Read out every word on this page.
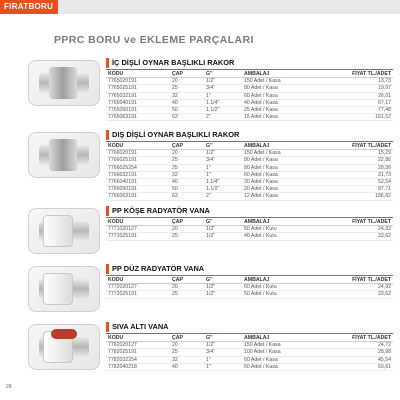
FIRATBORU
PPRC BORU ve EKLEME PARÇALARI
İÇ DİŞLİ OYNAR BAŞLIKLI RAKOR
KODU	ÇAP	G''	AMBALAJ	FİYAT TL./ADET
7765020191	20	1/2''	150 Adet / Kasa	13,73
7765025191	25	3/4''	80 Adet / Kasa	19,97
7765032191	32	1''	60 Adet / Kasa	26,01
7765040191	40	1.1/4''	40 Adet / Kasa	67,17
7765050191	50	1.1/2''	25 Adet / Kasa	77,48
7765063191	63	2''	15 Adet / Kasa	161,52
DIŞ DİŞLİ OYNAR BAŞLIKLI RAKOR
KODU	ÇAP	G''	AMBALAJ	FİYAT TL./ADET
7766020191	20	1/2''	150 Adet / Kasa	15,29
7766025191	25	3/4''	80 Adet / Kasa	22,86
7766025254	25	1''	80 Adet / Kasa	28,36
7766032191	32	1''	60 Adet / Kasa	31,73
7766040191	40	1.1/4''	30 Adet / Kasa	52,54
7766050191	50	1.1/2''	20 Adet / Kasa	97,71
7766063191	63	2''	12 Adet / Kasa	186,82
PP KÖŞE RADYATÖR VANA
KODU	ÇAP	G''	AMBALAJ	FİYAT TL./ADET
7771020127	20	1/2''	50 Adet / Kutu	24,92
7771025191	25	1/2''	40 Adet / Kutu	33,62
PP DÜZ RADYATÖR VANA
KODU	ÇAP	G''	AMBALAJ	FİYAT TL./ADET
7772020127	20	1/2''	60 Adet / Kutu	24,92
7772025191	25	1/2''	50 Adet / Kutu	33,62
SIVA ALTI VANA
KODU	ÇAP	G''	AMBALAJ	FİYAT TL./ADET
7782020127	20	1/2''	150 Adet / Kasa	24,72
7782025191	25	3/4''	100 Adet / Kasa	28,98
7782032254	32	1''	60 Adet / Kasa	45,54
7782040218	40	1''	50 Adet / Kasa	59,61
28
